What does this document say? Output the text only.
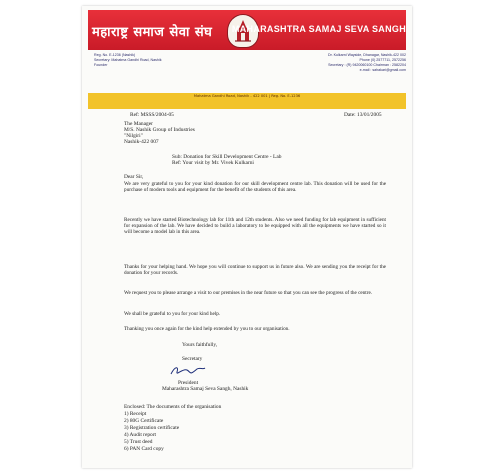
महाराष्ट्र समाज सेवा संघ MAHARASHTRA SAMAJ SEVA SANGH
Reg. No. E-1236 (Nashik)
Secretary: Mahatma Gandhi Road, Nashik
Founder
Dr. Kulkarni Wayside, Dhanagar, Nashik-422 002
Phone (0) 2577711, 2572256
Secretary : (R) 9420060100 Chairman : 2582204
e-mail : sahakari@gmail.com
Mahatma Gandhi Road, Nashik - 422 001 | Reg. No. E-1236
Ref: MSSS/2004-05	Date: 13/01/2005
The Manager
M/S. Nashik Group of Industries
"Nilgiri"
Nashik-422 007
Sub: Donation for Skill Development Centre - Lab
Ref: Your visit by Mr. Vivek Kulkarni
Dear Sir,
We are very grateful to you for your kind donation for our skill development centre lab. This donation will be used for the purchase of modern tools and equipment for the benefit of the students of this area.
Recently we have started Biotechnology lab for 11th and 12th students. Also we need funding for lab equipment in sufficient for expansion of the lab. We have decided to build a laboratory to be equipped with all the equipments we have started so it will become a model lab in this area.
Thanks for your helping hand. We hope you will continue to support us in future also. We are sending you the receipt for the donation for your records.
We request you to please arrange a visit to our premises in the near future so that you can see the progress of the centre.
We shall be grateful to you for your kind help.
Thanking you once again for the kind help extended by you to our organisation.
Yours faithfully,
Secretary
President
Maharashtra Samaj Seva Sangh, Nashik
Enclosed: The documents of the organisation
1) Receipt
2) 80G Certificate
3) Registration certificate
4) Audit report
5) Trust deed
6) PAN Card copy
